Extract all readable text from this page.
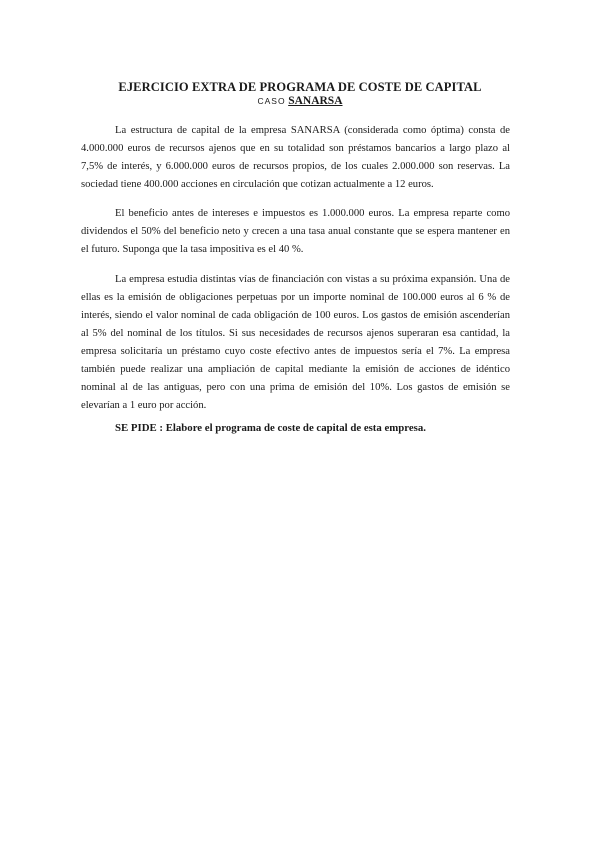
EJERCICIO EXTRA DE PROGRAMA DE COSTE DE CAPITAL
CASO SANARSA

La estructura de capital de la empresa SANARSA (considerada como óptima) consta de 4.000.000 euros de recursos ajenos que en su totalidad son préstamos bancarios a largo plazo al 7,5% de interés, y 6.000.000 euros de recursos propios, de los cuales 2.000.000 son reservas. La sociedad tiene 400.000 acciones en circulación que cotizan actualmente a 12 euros.

El beneficio antes de intereses e impuestos es 1.000.000 euros. La empresa reparte como dividendos el 50% del beneficio neto y crecen a una tasa anual constante que se espera mantener en el futuro. Suponga que la tasa impositiva es el 40 %.

La empresa estudia distintas vías de financiación con vistas a su próxima expansión. Una de ellas es la emisión de obligaciones perpetuas por un importe nominal de 100.000 euros al 6 % de interés, siendo el valor nominal de cada obligación de 100 euros. Los gastos de emisión ascenderían al 5% del nominal de los títulos. Si sus necesidades de recursos ajenos superaran esa cantidad, la empresa solicitaría un préstamo cuyo coste efectivo antes de impuestos sería el 7%. La empresa también puede realizar una ampliación de capital mediante la emisión de acciones de idéntico nominal al de las antiguas, pero con una prima de emisión del 10%. Los gastos de emisión se elevarían a 1 euro por acción.

SE PIDE : Elabore el programa de coste de capital de esta empresa.
